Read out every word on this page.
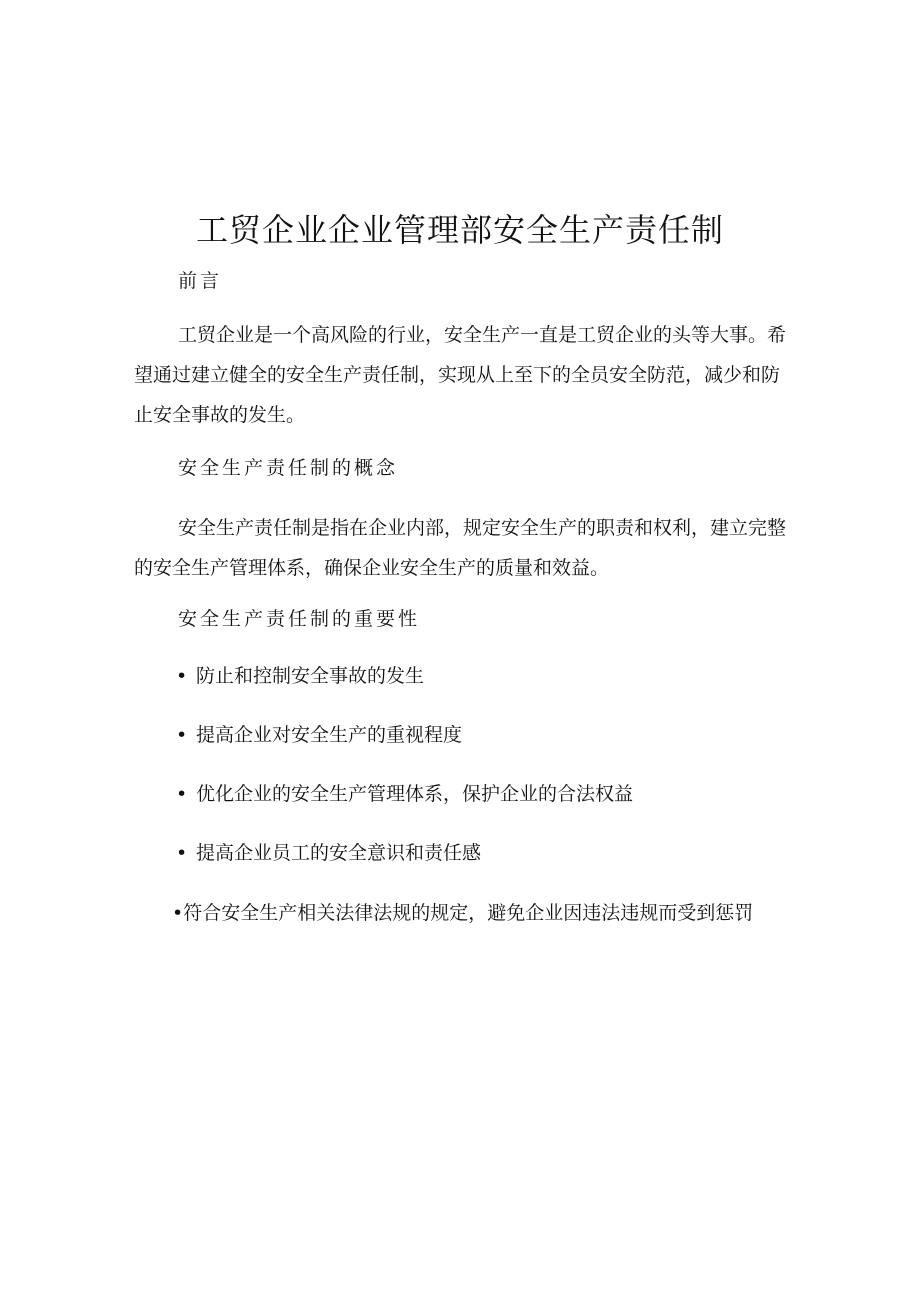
工贸企业企业管理部安全生产责任制
前言

工贸企业是一个高风险的行业，安全生产一直是工贸企业的头等大事。希望通过建立健全的安全生产责任制，实现从上至下的全员安全防范，减少和防止安全事故的发生。

安全生产责任制的概念

安全生产责任制是指在企业内部，规定安全生产的职责和权利，建立完整的安全生产管理体系，确保企业安全生产的质量和效益。

安全生产责任制的重要性
• 防止和控制安全事故的发生
• 提高企业对安全生产的重视程度
• 优化企业的安全生产管理体系，保护企业的合法权益
• 提高企业员工的安全意识和责任感

•符合安全生产相关法律法规的规定，避免企业因违法违规而受到惩罚
